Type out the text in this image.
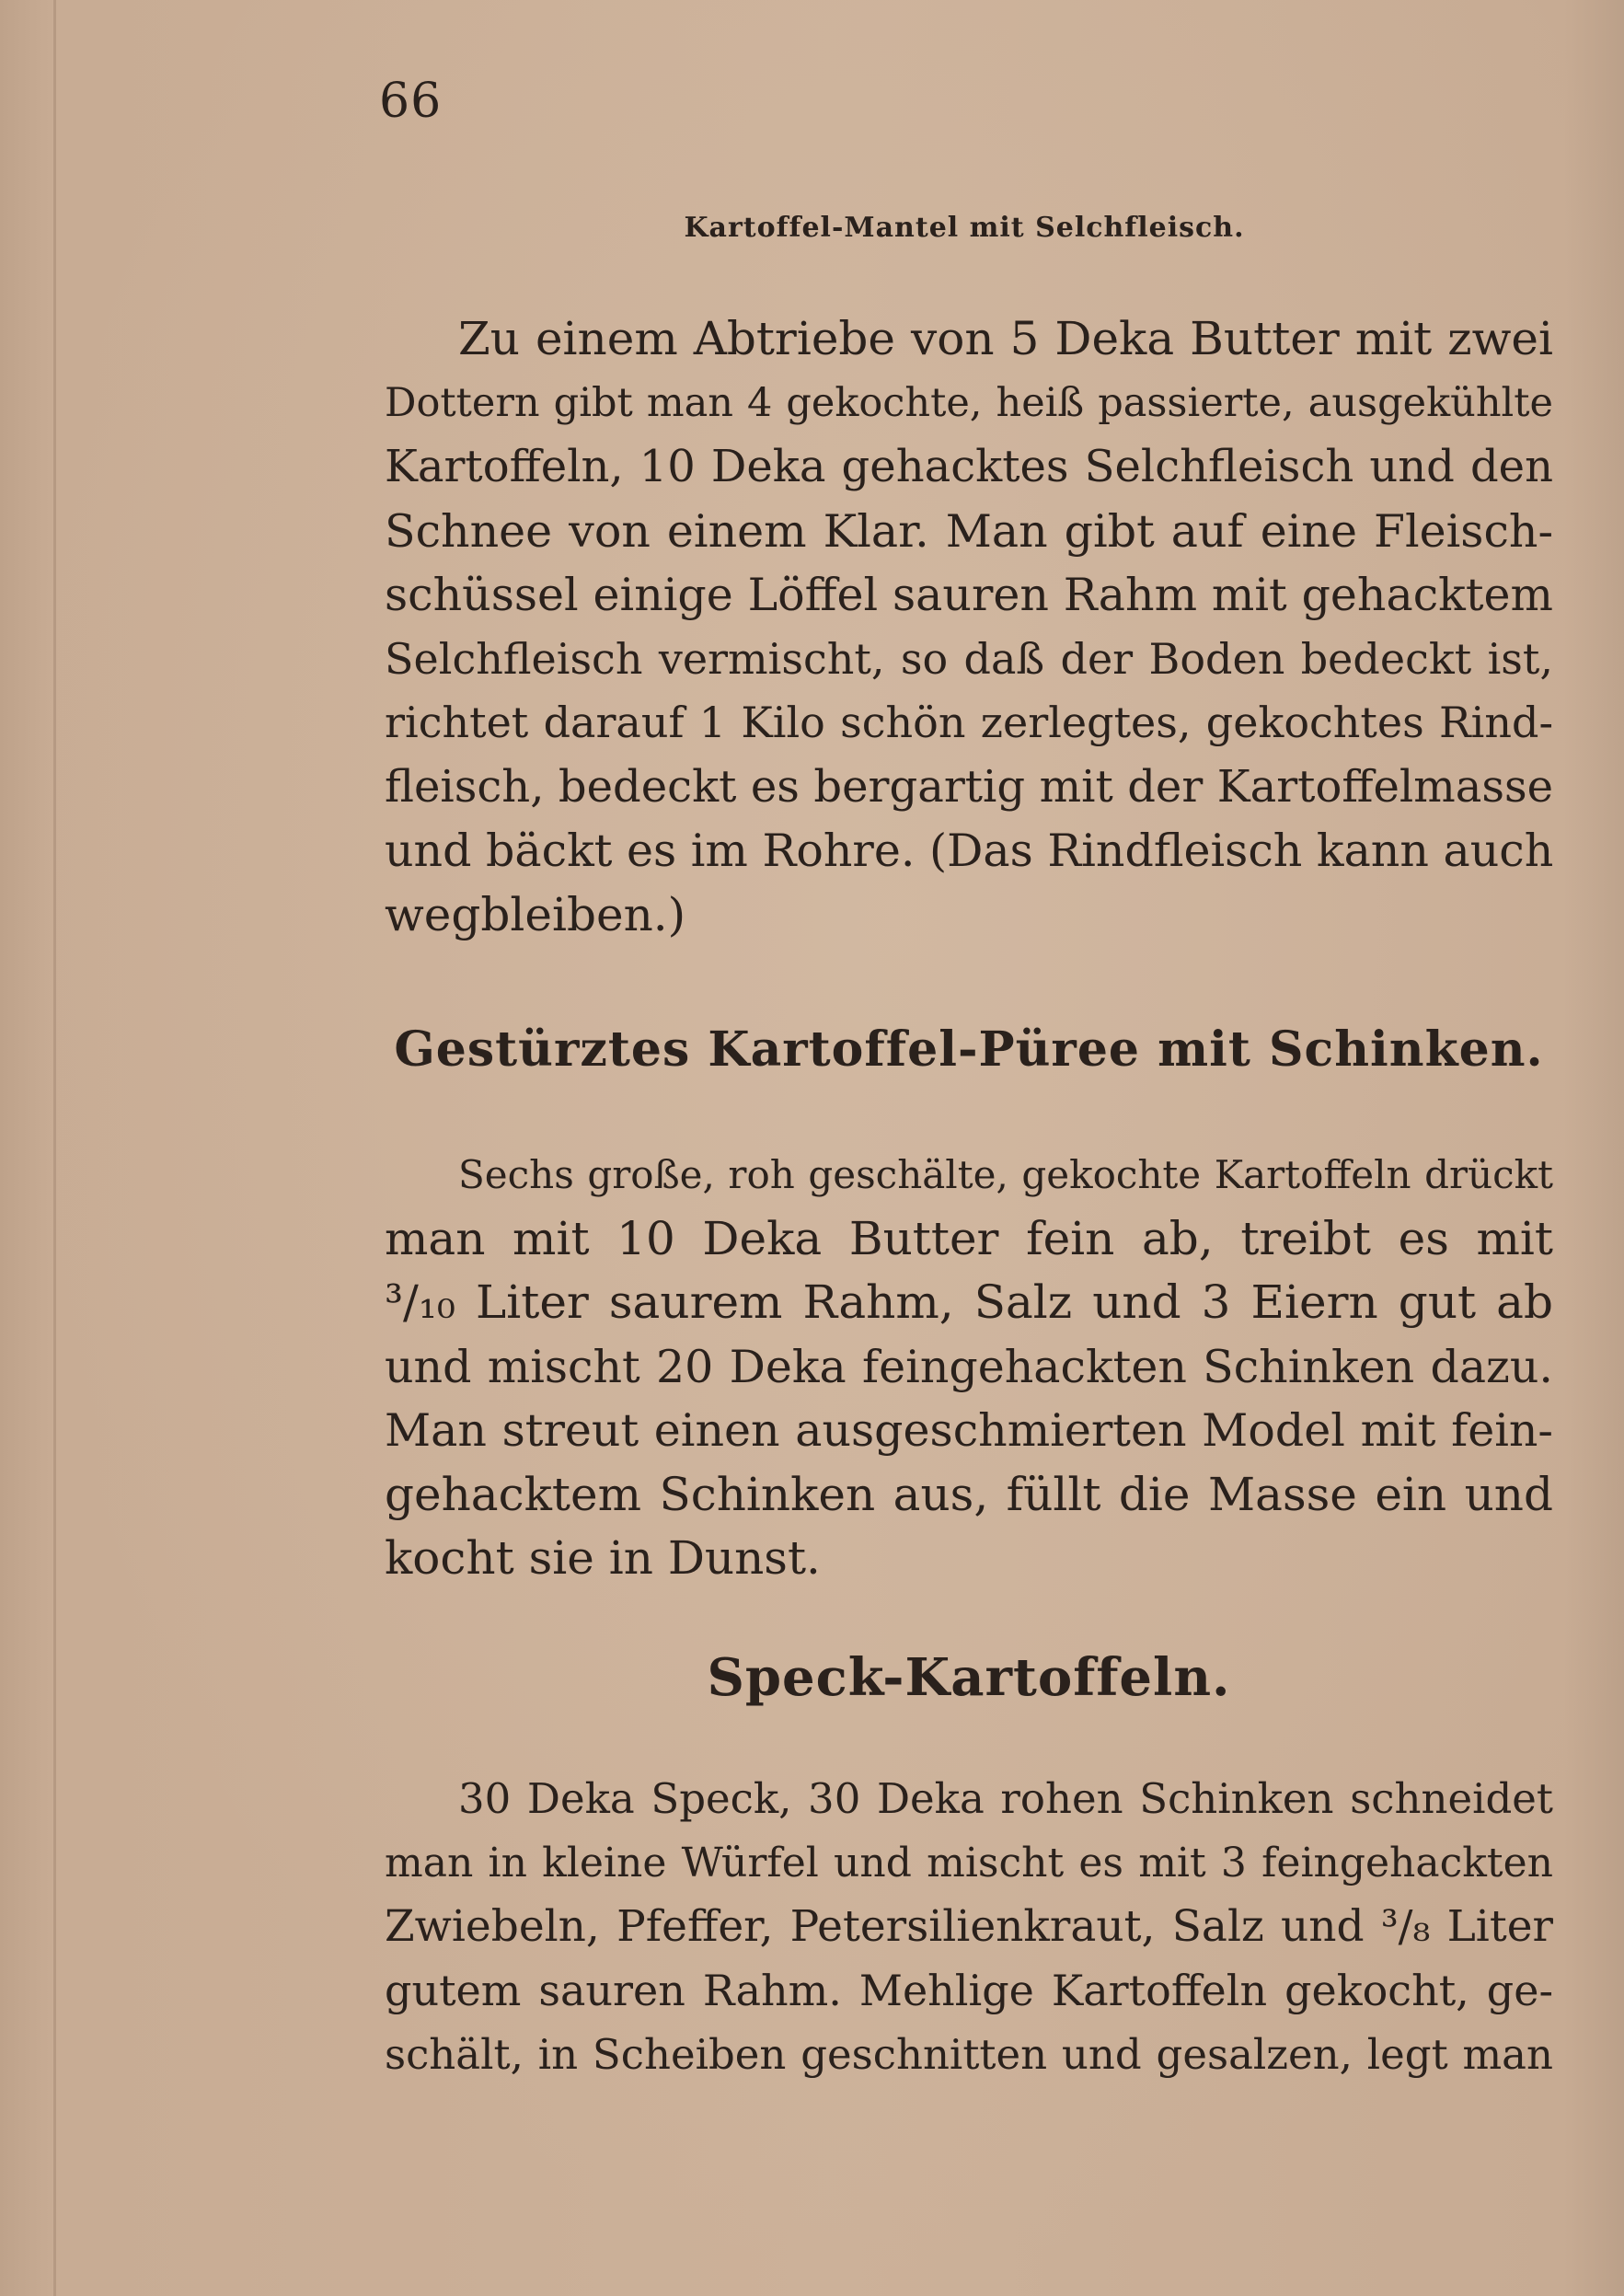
66

Kartoffel-Mantel mit Selchfleisch.

Zu einem Abtriebe von 5 Deka Butter mit zwei
Dottern gibt man 4 gekochte, heiß passierte, ausgekühlte
Kartoffeln, 10 Deka gehacktes Selchfleisch und den
Schnee von einem Klar. Man gibt auf eine Fleisch-
schüssel einige Löffel sauren Rahm mit gehacktem
Selchfleisch vermischt, so daß der Boden bedeckt ist,
richtet darauf 1 Kilo schön zerlegtes, gekochtes Rind-
fleisch, bedeckt es bergartig mit der Kartoffelmasse
und bäckt es im Rohre. (Das Rindfleisch kann auch
wegbleiben.)

Gestürztes Kartoffel-Püree mit Schinken.

Sechs große, roh geschälte, gekochte Kartoffeln drückt
man mit 10 Deka Butter fein ab, treibt es mit
³/₁₀ Liter saurem Rahm, Salz und 3 Eiern gut ab
und mischt 20 Deka feingehackten Schinken dazu.
Man streut einen ausgeschmierten Model mit fein-
gehacktem Schinken aus, füllt die Masse ein und
kocht sie in Dunst.

Speck-Kartoffeln.

30 Deka Speck, 30 Deka rohen Schinken schneidet
man in kleine Würfel und mischt es mit 3 feingehackten
Zwiebeln, Pfeffer, Petersilienkraut, Salz und ³/₈ Liter
gutem sauren Rahm. Mehlige Kartoffeln gekocht, ge-
schält, in Scheiben geschnitten und gesalzen, legt man
